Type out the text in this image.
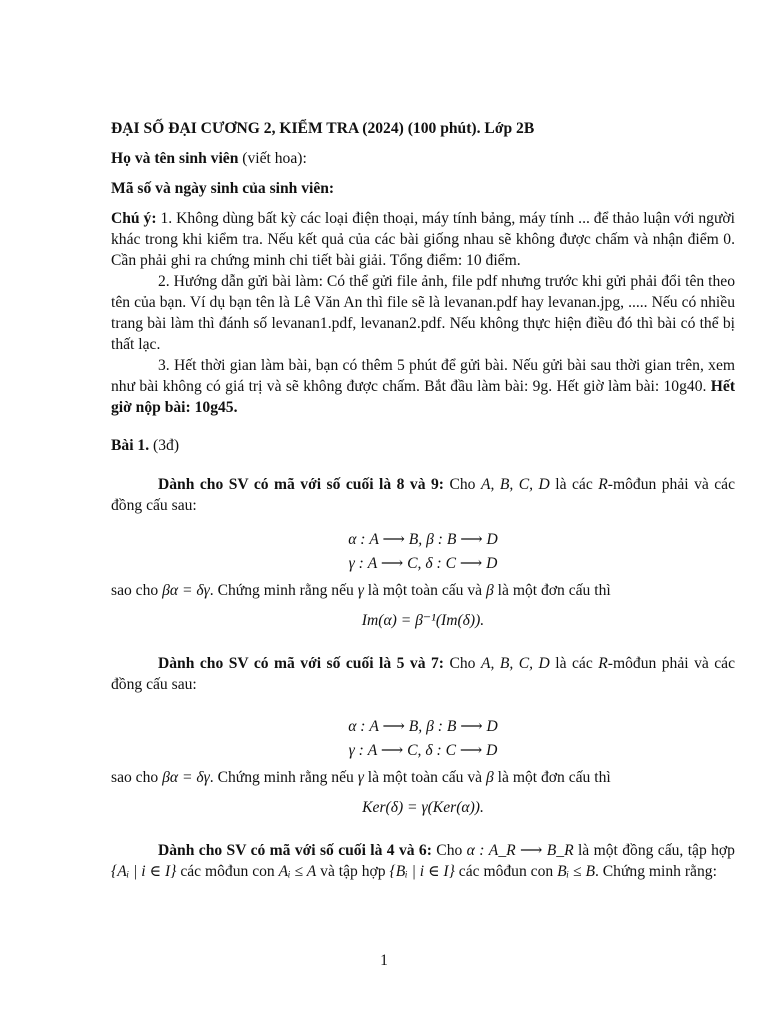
ĐẠI SỐ ĐẠI CƯƠNG 2, KIỂM TRA (2024) (100 phút). Lớp 2B

Họ và tên sinh viên (viết hoa):

Mã số và ngày sinh của sinh viên:

Chú ý: 1. Không dùng bất kỳ các loại điện thoại, máy tính bảng, máy tính ... để thảo luận với người khác trong khi kiểm tra. Nếu kết quả của các bài giống nhau sẽ không được chấm và nhận điểm 0. Cần phải ghi ra chứng minh chi tiết bài giải. Tổng điểm: 10 điểm.

2. Hướng dẫn gửi bài làm: Có thể gửi file ảnh, file pdf nhưng trước khi gửi phải đổi tên theo tên của bạn. Ví dụ bạn tên là Lê Văn An thì file sẽ là levanan.pdf hay levanan.jpg, ..... Nếu có nhiều trang bài làm thì đánh số levanan1.pdf, levanan2.pdf. Nếu không thực hiện điều đó thì bài có thể bị thất lạc.

3. Hết thời gian làm bài, bạn có thêm 5 phút để gửi bài. Nếu gửi bài sau thời gian trên, xem như bài không có giá trị và sẽ không được chấm. Bắt đầu làm bài: 9g. Hết giờ làm bài: 10g40. Hết giờ nộp bài: 10g45.

Bài 1. (3đ)

Dành cho SV có mã với số cuối là 8 và 9: Cho A, B, C, D là các R-môđun phải và các đồng cấu sau:

α : A ⟶ B, β : B ⟶ D
γ : A ⟶ C, δ : C ⟶ D

sao cho βα = δγ. Chứng minh rằng nếu γ là một toàn cấu và β là một đơn cấu thì

Im(α) = β⁻¹(Im(δ)).

Dành cho SV có mã với số cuối là 5 và 7: Cho A, B, C, D là các R-môđun phải và các đồng cấu sau:

α : A ⟶ B, β : B ⟶ D
γ : A ⟶ C, δ : C ⟶ D

sao cho βα = δγ. Chứng minh rằng nếu γ là một toàn cấu và β là một đơn cấu thì

Ker(δ) = γ(Ker(α)).

Dành cho SV có mã với số cuối là 4 và 6: Cho α : A_R ⟶ B_R là một đồng cấu, tập hợp {Aᵢ | i ∈ I} các môđun con Aᵢ ≤ A và tập hợp {Bᵢ | i ∈ I} các môđun con Bᵢ ≤ B. Chứng minh rằng:

1
